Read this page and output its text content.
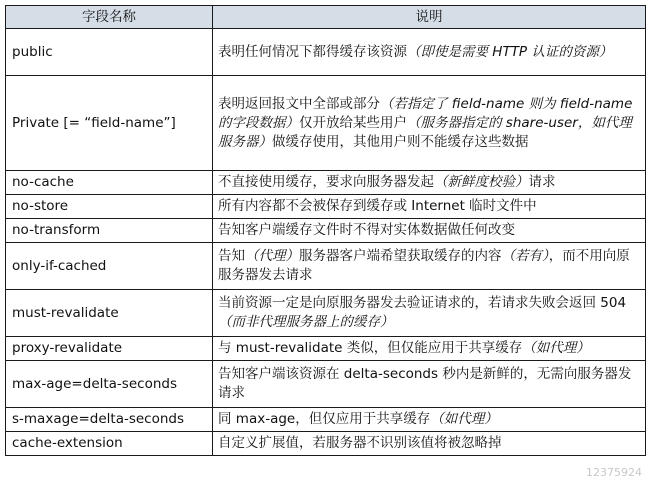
字段名称	说明
public	表明任何情况下都得缓存该资源（即使是需要 HTTP 认证的资源）
Private [= “field-name”]	表明返回报文中全部或部分（若指定了 field-name 则为 field-name 的字段数据）仅开放给某些用户（服务器指定的 share-user，如代理服务器）做缓存使用，其他用户则不能缓存这些数据
no-cache	不直接使用缓存，要求向服务器发起（新鲜度校验）请求
no-store	所有内容都不会被保存到缓存或 Internet 临时文件中
no-transform	告知客户端缓存文件时不得对实体数据做任何改变
only-if-cached	告知（代理）服务器客户端希望获取缓存的内容（若有），而不用向原服务器发去请求
must-revalidate	当前资源一定是向原服务器发去验证请求的，若请求失败会返回 504（而非代理服务器上的缓存）
proxy-revalidate	与 must-revalidate 类似，但仅能应用于共享缓存（如代理）
max-age=delta-seconds	告知客户端该资源在 delta-seconds 秒内是新鲜的，无需向服务器发请求
s-maxage=delta-seconds	同 max-age，但仅应用于共享缓存（如代理）
cache-extension	自定义扩展值，若服务器不识别该值将被忽略掉
12375924
